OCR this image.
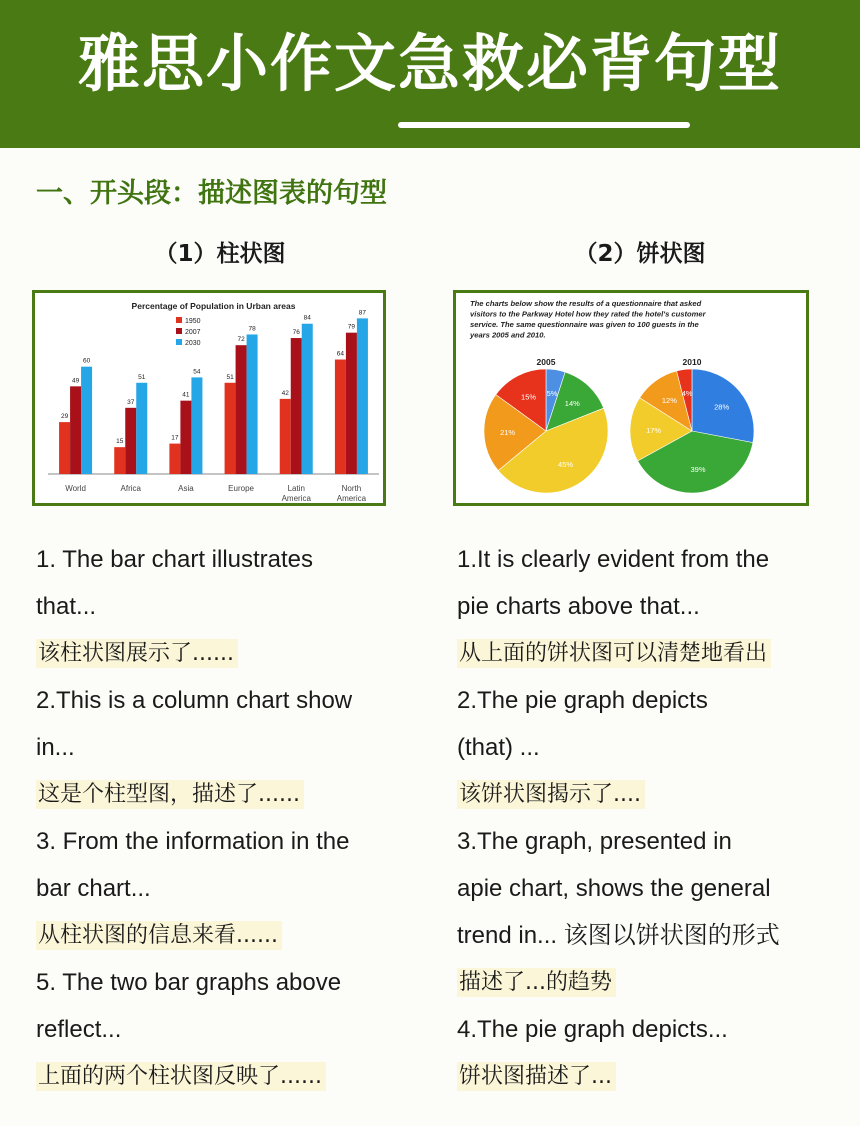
雅思小作文急救必背句型
一、开头段：描述图表的句型
（1）柱状图	（2）饼状图
Percentage of Population in Urban areas
1950
2007
2030
29
49
60
World
15
37
51
Africa
17
41
54
Asia
51
72
78
Europe
42
76
84
Latin
America
64
79
87
North
America
The charts below show the results of a questionnaire that asked
visitors to the Parkway Hotel how they rated the hotel's customer
service. The same questionnaire was given to 100 guests in the
years 2005 and 2010.
2005
5%
14%
45%
21%
15%
2010
28%
39%
17%
12%
4%
1. The bar chart illustrates
that...
该柱状图展示了......
2.This is a column chart show
in...
这是个柱型图，描述了......
3. From the information in the
bar chart...
从柱状图的信息来看......
5. The two bar graphs above
reflect...
上面的两个柱状图反映了......
1.It is clearly evident from the
pie charts above that...
从上面的饼状图可以清楚地看出
2.The pie graph depicts
(that) ...
该饼状图揭示了....
3.The graph, presented in
apie chart, shows the general
trend in... 该图以饼状图的形式
描述了...的趋势
4.The pie graph depicts...
饼状图描述了...
